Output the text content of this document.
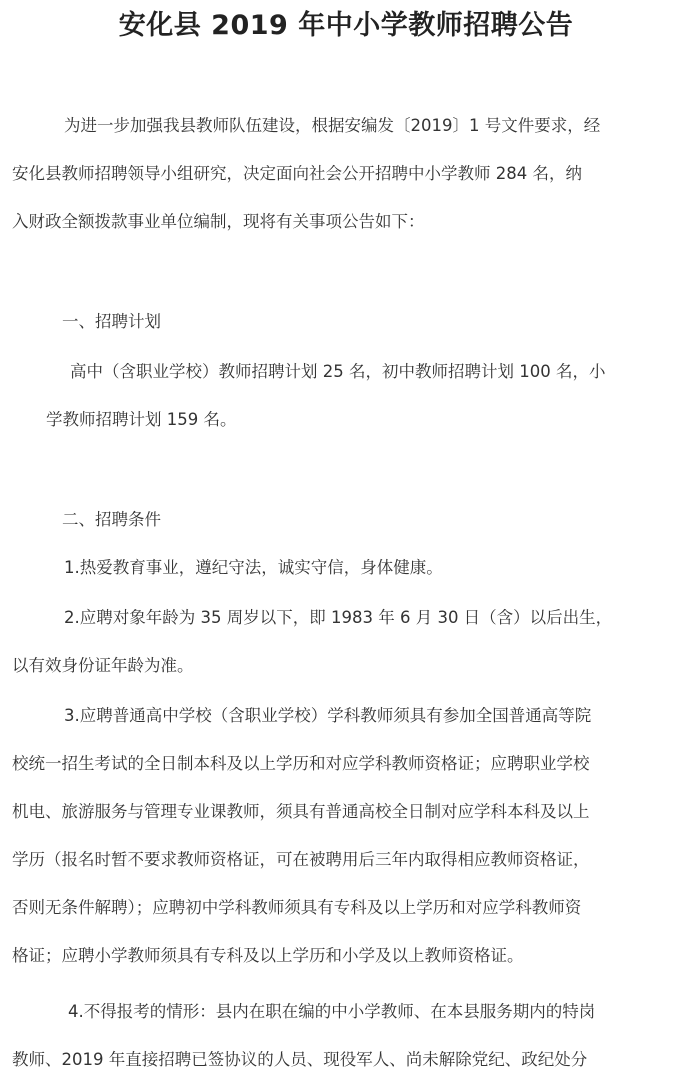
安化县 2019 年中小学教师招聘公告
为进一步加强我县教师队伍建设，根据安编发〔2019〕1 号文件要求，经
安化县教师招聘领导小组研究，决定面向社会公开招聘中小学教师 284 名，纳
入财政全额拨款事业单位编制，现将有关事项公告如下：
一、招聘计划
高中（含职业学校）教师招聘计划 25 名，初中教师招聘计划 100 名，小
学教师招聘计划 159 名。
二、招聘条件
1.热爱教育事业，遵纪守法，诚实守信，身体健康。
2.应聘对象年龄为 35 周岁以下，即 1983 年 6 月 30 日（含）以后出生，
以有效身份证年龄为准。
3.应聘普通高中学校（含职业学校）学科教师须具有参加全国普通高等院
校统一招生考试的全日制本科及以上学历和对应学科教师资格证；应聘职业学校
机电、旅游服务与管理专业课教师，须具有普通高校全日制对应学科本科及以上
学历（报名时暂不要求教师资格证，可在被聘用后三年内取得相应教师资格证，
否则无条件解聘）；应聘初中学科教师须具有专科及以上学历和对应学科教师资
格证；应聘小学教师须具有专科及以上学历和小学及以上教师资格证。
4.不得报考的情形：县内在职在编的中小学教师、在本县服务期内的特岗
教师、2019 年直接招聘已签协议的人员、现役军人、尚未解除党纪、政纪处分
